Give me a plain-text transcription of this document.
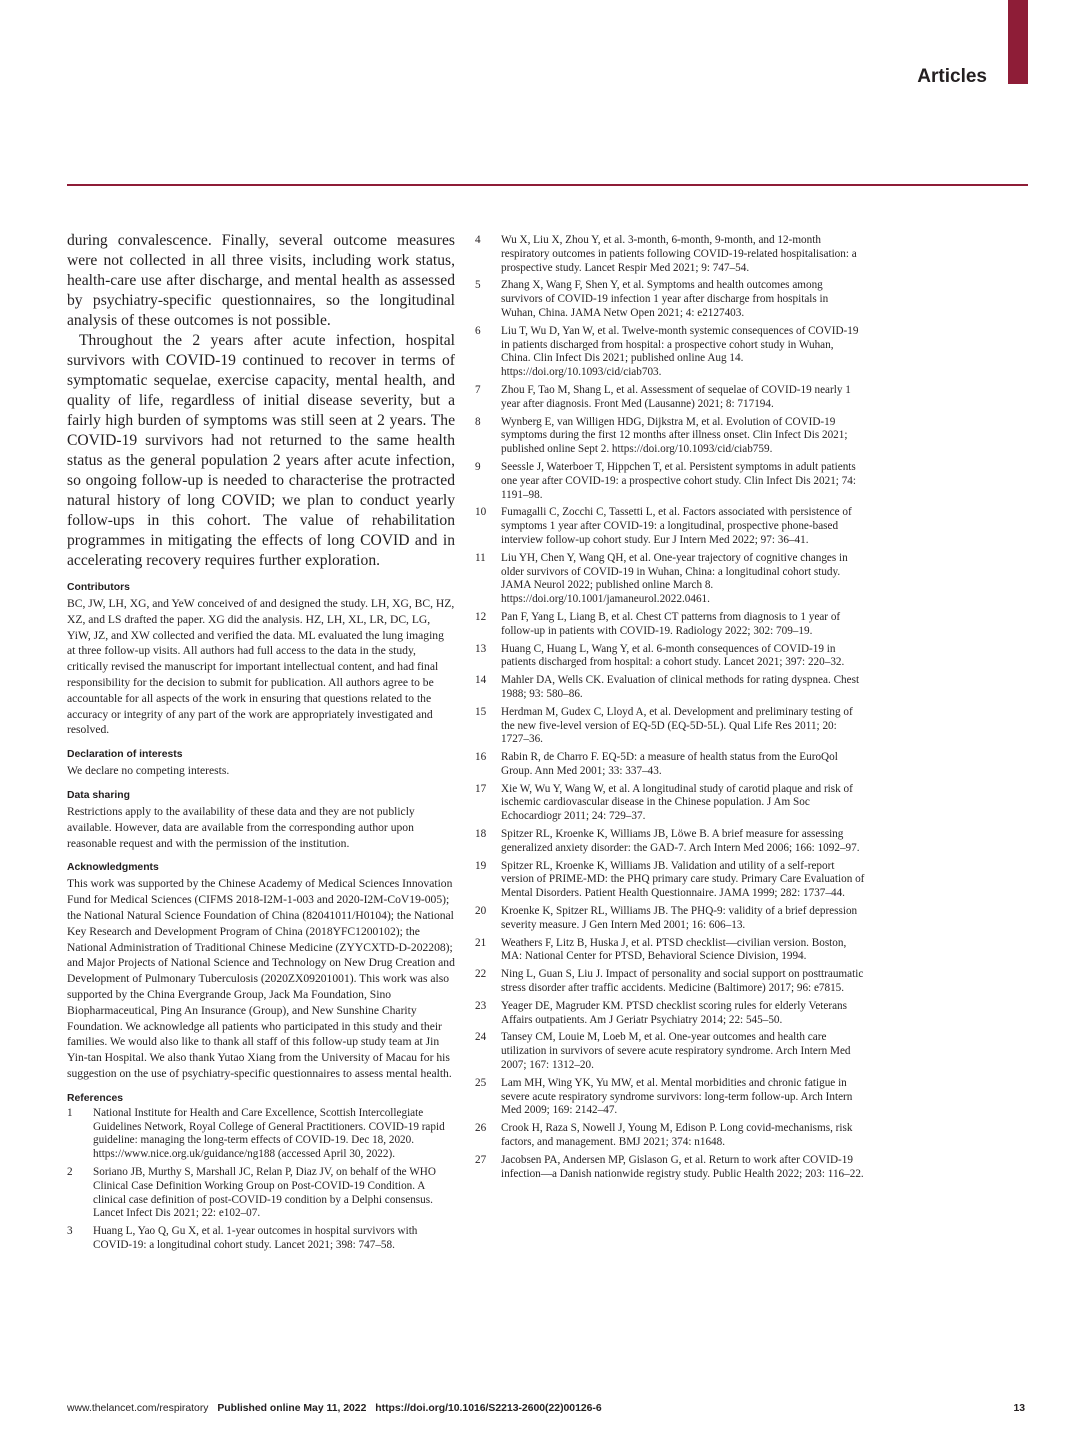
Articles

during convalescence. Finally, several outcome measures were not collected in all three visits, including work status, health-care use after discharge, and mental health as assessed by psychiatry-specific questionnaires, so the longitudinal analysis of these outcomes is not possible.

Throughout the 2 years after acute infection, hospital survivors with COVID-19 continued to recover in terms of symptomatic sequelae, exercise capacity, mental health, and quality of life, regardless of initial disease severity, but a fairly high burden of symptoms was still seen at 2 years. The COVID-19 survivors had not returned to the same health status as the general population 2 years after acute infection, so ongoing follow-up is needed to characterise the protracted natural history of long COVID; we plan to conduct yearly follow-ups in this cohort. The value of rehabilitation programmes in mitigating the effects of long COVID and in accelerating recovery requires further exploration.

Contributors

BC, JW, LH, XG, and YeW conceived of and designed the study. LH, XG, BC, HZ, XZ, and LS drafted the paper. XG did the analysis. HZ, LH, XL, LR, DC, LG, YiW, JZ, and XW collected and verified the data. ML evaluated the lung imaging at three follow-up visits. All authors had full access to the data in the study, critically revised the manuscript for important intellectual content, and had final responsibility for the decision to submit for publication. All authors agree to be accountable for all aspects of the work in ensuring that questions related to the accuracy or integrity of any part of the work are appropriately investigated and resolved.

Declaration of interests

We declare no competing interests.

Data sharing

Restrictions apply to the availability of these data and they are not publicly available. However, data are available from the corresponding author upon reasonable request and with the permission of the institution.

Acknowledgments

This work was supported by the Chinese Academy of Medical Sciences Innovation Fund for Medical Sciences (CIFMS 2018-I2M-1-003 and 2020-I2M-CoV19-005); the National Natural Science Foundation of China (82041011/H0104); the National Key Research and Development Program of China (2018YFC1200102); the National Administration of Traditional Chinese Medicine (ZYYCXTD-D-202208); and Major Projects of National Science and Technology on New Drug Creation and Development of Pulmonary Tuberculosis (2020ZX09201001). This work was also supported by the China Evergrande Group, Jack Ma Foundation, Sino Biopharmaceutical, Ping An Insurance (Group), and New Sunshine Charity Foundation. We acknowledge all patients who participated in this study and their families. We would also like to thank all staff of this follow-up study team at Jin Yin-tan Hospital. We also thank Yutao Xiang from the University of Macau for his suggestion on the use of psychiatry-specific questionnaires to assess mental health.

References
1	National Institute for Health and Care Excellence, Scottish Intercollegiate Guidelines Network, Royal College of General Practitioners. COVID-19 rapid guideline: managing the long-term effects of COVID-19. Dec 18, 2020. https://www.nice.org.uk/guidance/ng188 (accessed April 30, 2022).
2	Soriano JB, Murthy S, Marshall JC, Relan P, Diaz JV, on behalf of the WHO Clinical Case Definition Working Group on Post-COVID-19 Condition. A clinical case definition of post-COVID-19 condition by a Delphi consensus. Lancet Infect Dis 2021; 22: e102–07.
3	Huang L, Yao Q, Gu X, et al. 1-year outcomes in hospital survivors with COVID-19: a longitudinal cohort study. Lancet 2021; 398: 747–58.
4	Wu X, Liu X, Zhou Y, et al. 3-month, 6-month, 9-month, and 12-month respiratory outcomes in patients following COVID-19-related hospitalisation: a prospective study. Lancet Respir Med 2021; 9: 747–54.
5	Zhang X, Wang F, Shen Y, et al. Symptoms and health outcomes among survivors of COVID-19 infection 1 year after discharge from hospitals in Wuhan, China. JAMA Netw Open 2021; 4: e2127403.
6	Liu T, Wu D, Yan W, et al. Twelve-month systemic consequences of COVID-19 in patients discharged from hospital: a prospective cohort study in Wuhan, China. Clin Infect Dis 2021; published online Aug 14. https://doi.org/10.1093/cid/ciab703.
7	Zhou F, Tao M, Shang L, et al. Assessment of sequelae of COVID-19 nearly 1 year after diagnosis. Front Med (Lausanne) 2021; 8: 717194.
8	Wynberg E, van Willigen HDG, Dijkstra M, et al. Evolution of COVID-19 symptoms during the first 12 months after illness onset. Clin Infect Dis 2021; published online Sept 2. https://doi.org/10.1093/cid/ciab759.
9	Seessle J, Waterboer T, Hippchen T, et al. Persistent symptoms in adult patients one year after COVID-19: a prospective cohort study. Clin Infect Dis 2021; 74: 1191–98.
10	Fumagalli C, Zocchi C, Tassetti L, et al. Factors associated with persistence of symptoms 1 year after COVID-19: a longitudinal, prospective phone-based interview follow-up cohort study. Eur J Intern Med 2022; 97: 36–41.
11	Liu YH, Chen Y, Wang QH, et al. One-year trajectory of cognitive changes in older survivors of COVID-19 in Wuhan, China: a longitudinal cohort study. JAMA Neurol 2022; published online March 8. https://doi.org/10.1001/jamaneurol.2022.0461.
12	Pan F, Yang L, Liang B, et al. Chest CT patterns from diagnosis to 1 year of follow-up in patients with COVID-19. Radiology 2022; 302: 709–19.
13	Huang C, Huang L, Wang Y, et al. 6-month consequences of COVID-19 in patients discharged from hospital: a cohort study. Lancet 2021; 397: 220–32.
14	Mahler DA, Wells CK. Evaluation of clinical methods for rating dyspnea. Chest 1988; 93: 580–86.
15	Herdman M, Gudex C, Lloyd A, et al. Development and preliminary testing of the new five-level version of EQ-5D (EQ-5D-5L). Qual Life Res 2011; 20: 1727–36.
16	Rabin R, de Charro F. EQ-5D: a measure of health status from the EuroQol Group. Ann Med 2001; 33: 337–43.
17	Xie W, Wu Y, Wang W, et al. A longitudinal study of carotid plaque and risk of ischemic cardiovascular disease in the Chinese population. J Am Soc Echocardiogr 2011; 24: 729–37.
18	Spitzer RL, Kroenke K, Williams JB, Löwe B. A brief measure for assessing generalized anxiety disorder: the GAD-7. Arch Intern Med 2006; 166: 1092–97.
19	Spitzer RL, Kroenke K, Williams JB. Validation and utility of a self-report version of PRIME-MD: the PHQ primary care study. Primary Care Evaluation of Mental Disorders. Patient Health Questionnaire. JAMA 1999; 282: 1737–44.
20	Kroenke K, Spitzer RL, Williams JB. The PHQ-9: validity of a brief depression severity measure. J Gen Intern Med 2001; 16: 606–13.
21	Weathers F, Litz B, Huska J, et al. PTSD checklist—civilian version. Boston, MA: National Center for PTSD, Behavioral Science Division, 1994.
22	Ning L, Guan S, Liu J. Impact of personality and social support on posttraumatic stress disorder after traffic accidents. Medicine (Baltimore) 2017; 96: e7815.
23	Yeager DE, Magruder KM. PTSD checklist scoring rules for elderly Veterans Affairs outpatients. Am J Geriatr Psychiatry 2014; 22: 545–50.
24	Tansey CM, Louie M, Loeb M, et al. One-year outcomes and health care utilization in survivors of severe acute respiratory syndrome. Arch Intern Med 2007; 167: 1312–20.
25	Lam MH, Wing YK, Yu MW, et al. Mental morbidities and chronic fatigue in severe acute respiratory syndrome survivors: long-term follow-up. Arch Intern Med 2009; 169: 2142–47.
26	Crook H, Raza S, Nowell J, Young M, Edison P. Long covid-mechanisms, risk factors, and management. BMJ 2021; 374: n1648.
27	Jacobsen PA, Andersen MP, Gislason G, et al. Return to work after COVID-19 infection—a Danish nationwide registry study. Public Health 2022; 203: 116–22.
www.thelancet.com/respiratory Published online May 11, 2022 https://doi.org/10.1016/S2213-2600(22)00126-6	13
